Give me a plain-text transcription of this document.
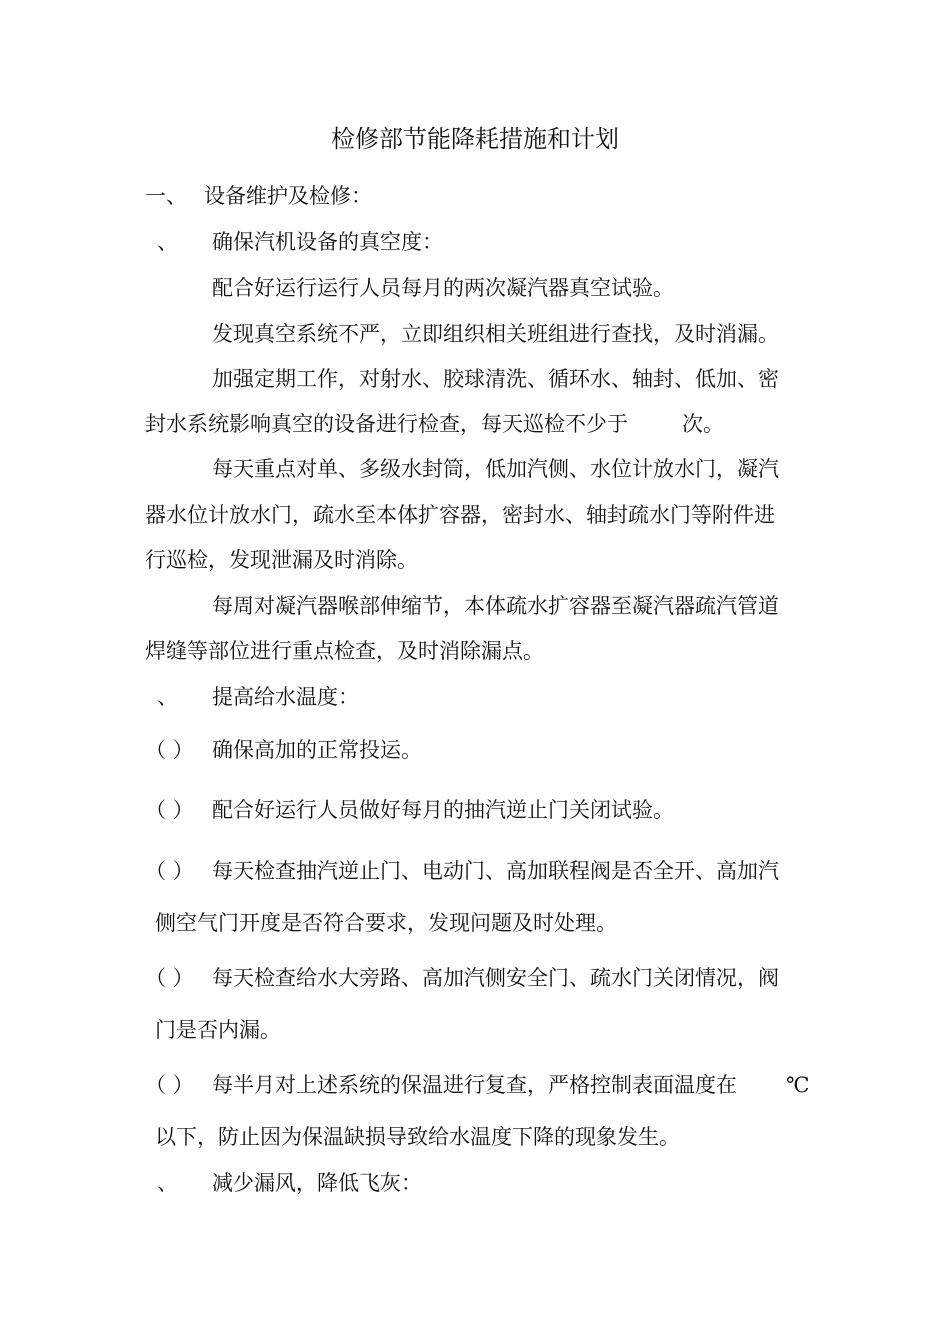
检修部节能降耗措施和计划

一、 设备维护及检修：

、 确保汽机设备的真空度：

配合好运行运行人员每月的两次凝汽器真空试验。

发现真空系统不严，立即组织相关班组进行查找，及时消漏。

加强定期工作，对射水、胶球清洗、循环水、轴封、低加、密

封水系统影响真空的设备进行检查，每天巡检不少于	次。

每天重点对单、多级水封筒，低加汽侧、水位计放水门，凝汽

器水位计放水门，疏水至本体扩容器，密封水、轴封疏水门等附件进

行巡检，发现泄漏及时消除。

每周对凝汽器喉部伸缩节，本体疏水扩容器至凝汽器疏汽管道

焊缝等部位进行重点检查，及时消除漏点。

、 提高给水温度：

（ ） 确保高加的正常投运。

（ ） 配合好运行人员做好每月的抽汽逆止门关闭试验。

（ ） 每天检查抽汽逆止门、电动门、高加联程阀是否全开、高加汽

侧空气门开度是否符合要求，发现问题及时处理。

（ ） 每天检查给水大旁路、高加汽侧安全门、疏水门关闭情况，阀

门是否内漏。

（ ） 每半月对上述系统的保温进行复查，严格控制表面温度在 ℃

以下，防止因为保温缺损导致给水温度下降的现象发生。

、 减少漏风，降低飞灰：
